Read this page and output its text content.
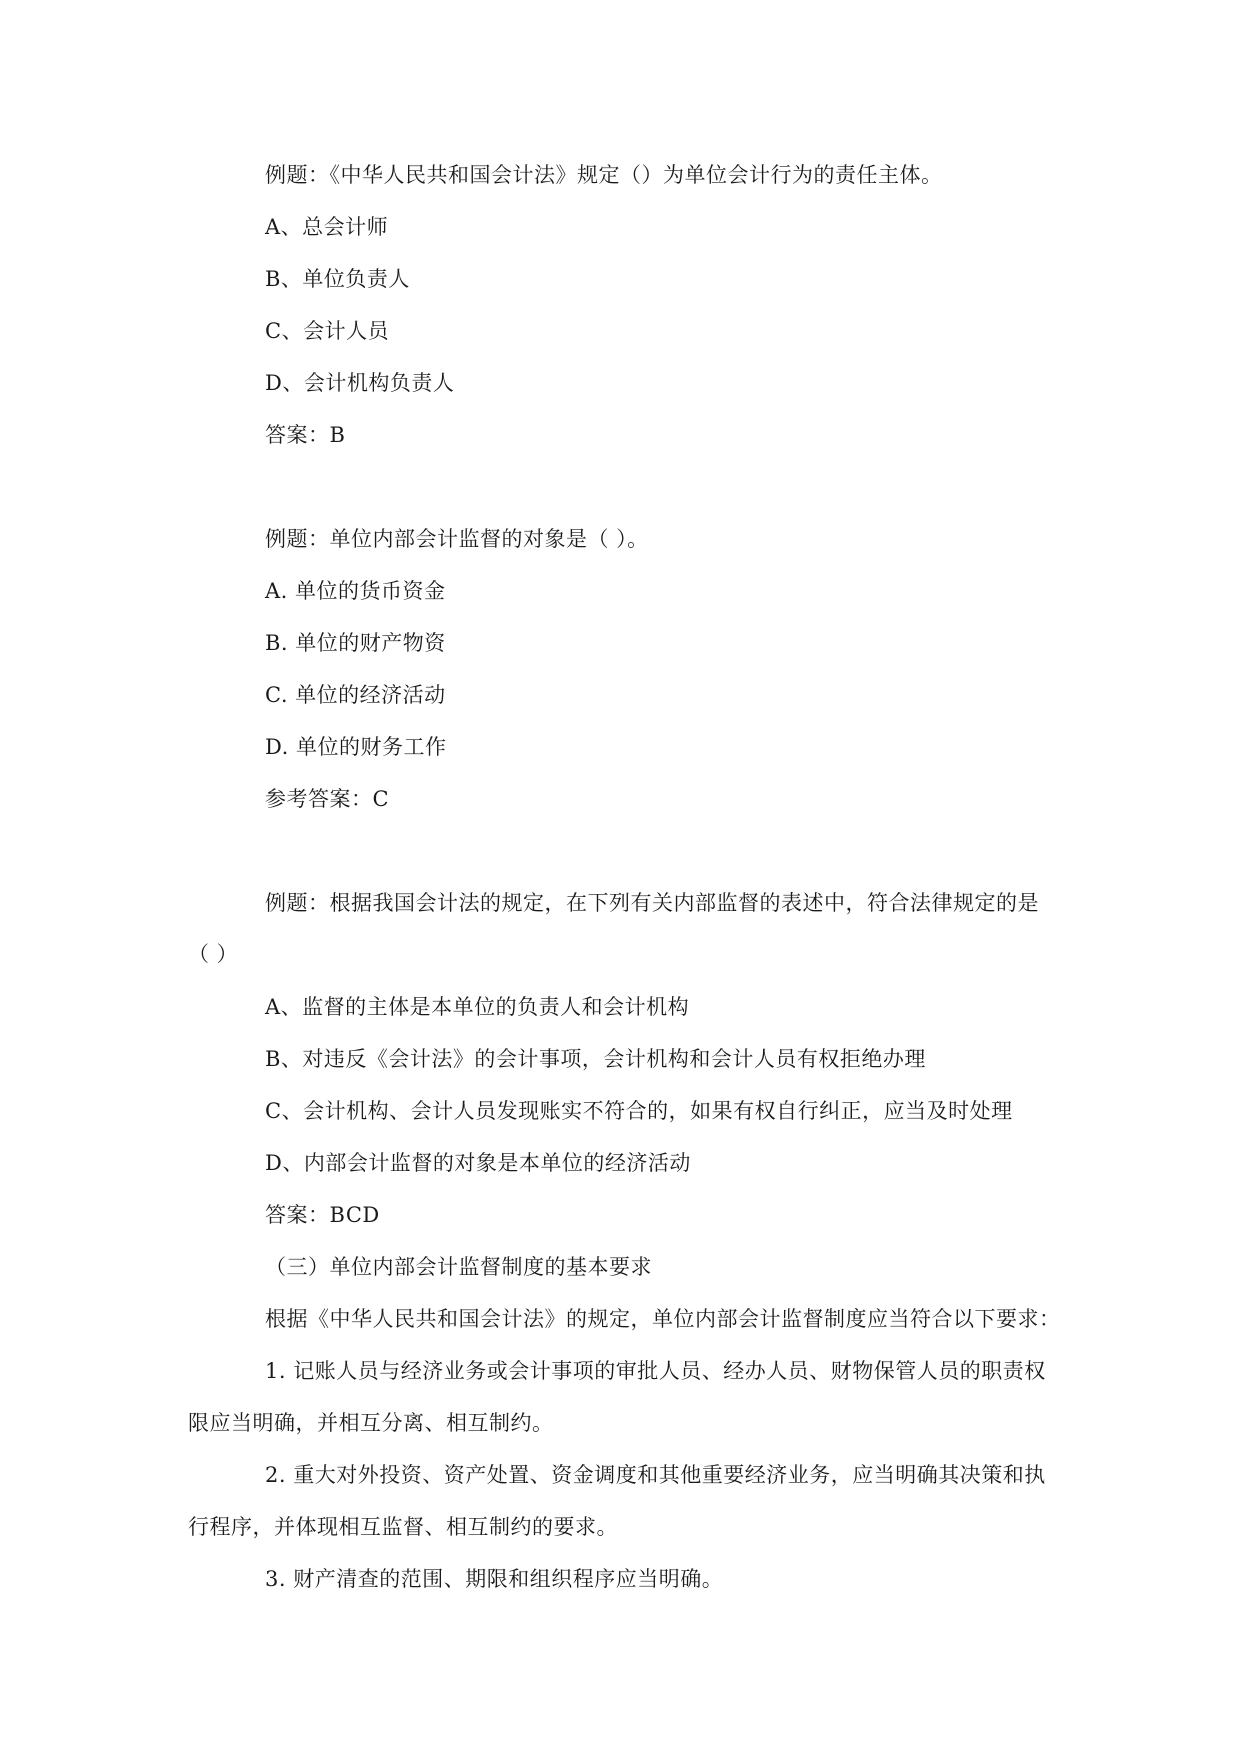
例题：《中华人民共和国会计法》规定（）为单位会计行为的责任主体。
A、总会计师
B、单位负责人
C、会计人员
D、会计机构负责人
答案：B
例题：单位内部会计监督的对象是（ ）。
A. 单位的货币资金
B. 单位的财产物资
C. 单位的经济活动
D. 单位的财务工作
参考答案：C
例题：根据我国会计法的规定，在下列有关内部监督的表述中，符合法律规定的是
（ ）
A、监督的主体是本单位的负责人和会计机构
B、对违反《会计法》的会计事项，会计机构和会计人员有权拒绝办理
C、会计机构、会计人员发现账实不符合的，如果有权自行纠正，应当及时处理
D、内部会计监督的对象是本单位的经济活动
答案：BCD
（三）单位内部会计监督制度的基本要求
根据《中华人民共和国会计法》的规定，单位内部会计监督制度应当符合以下要求：
1. 记账人员与经济业务或会计事项的审批人员、经办人员、财物保管人员的职责权
限应当明确，并相互分离、相互制约。
2. 重大对外投资、资产处置、资金调度和其他重要经济业务，应当明确其决策和执
行程序，并体现相互监督、相互制约的要求。
3. 财产清查的范围、期限和组织程序应当明确。
